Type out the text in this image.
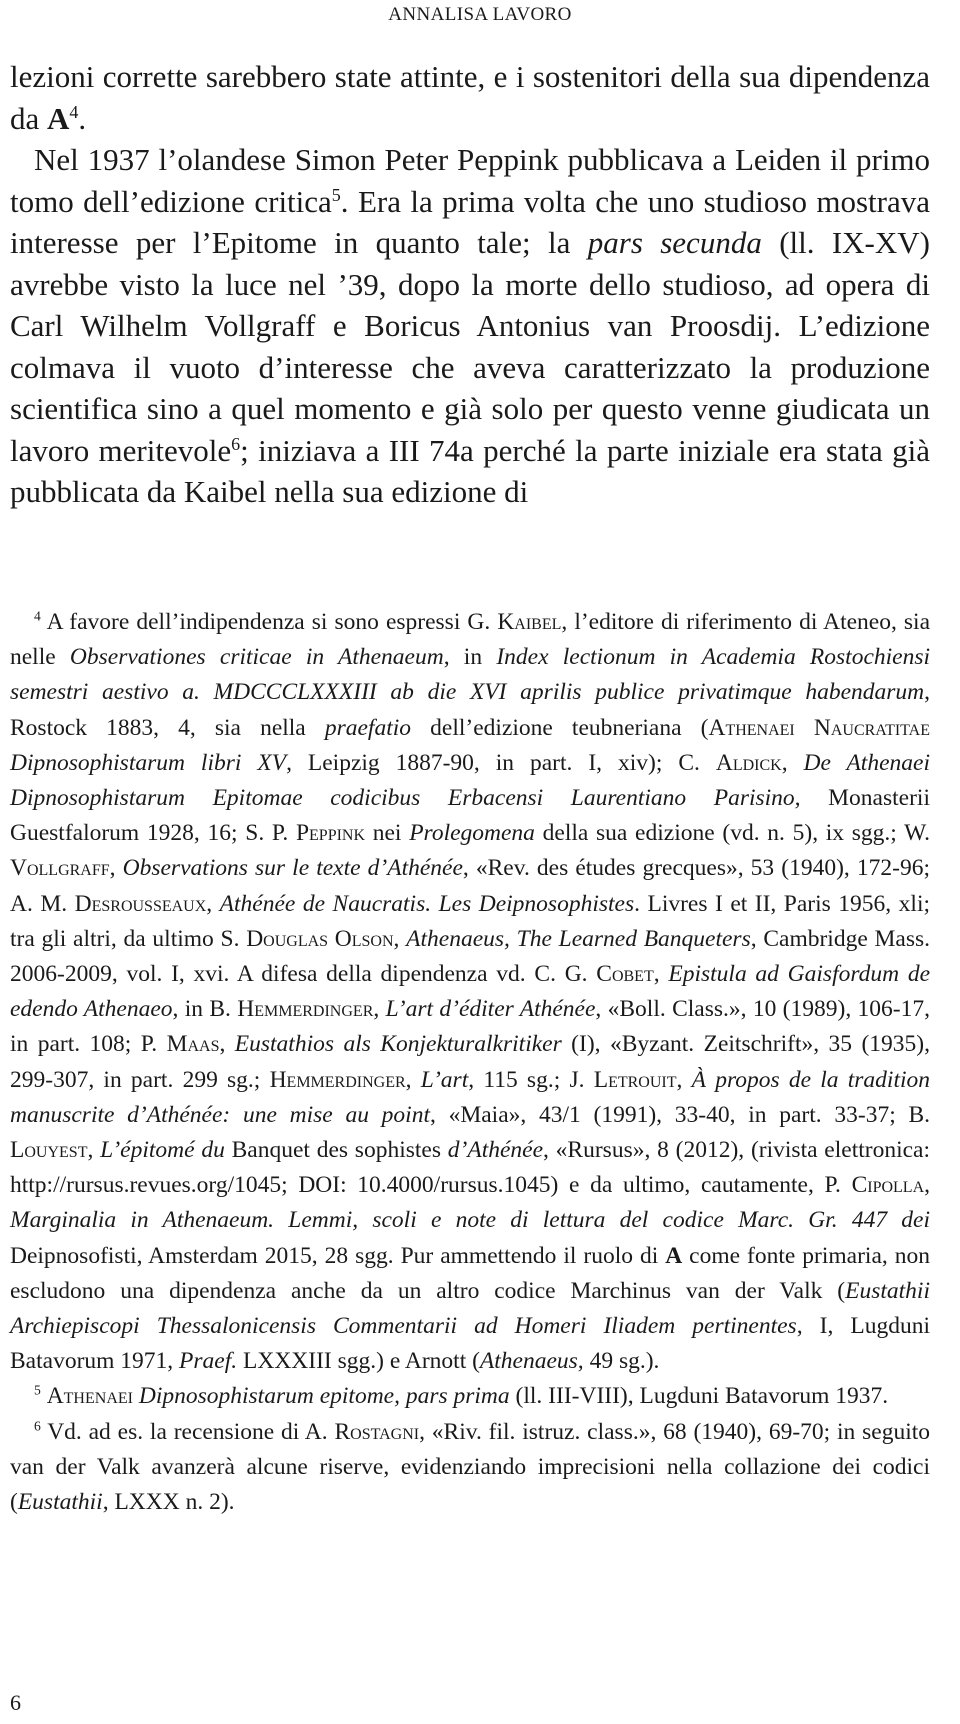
ANNALISA LAVORO

lezioni corrette sarebbero state attinte, e i sostenitori della sua dipendenza da $A^4$.

Nel 1937 l’olandese Simon Peter Peppink pubblicava a Leiden il primo tomo dell’edizione critica$^5$. Era la prima volta che uno studioso mostrava interesse per l’Epitome in quanto tale; la pars secunda (ll. IX-XV) avrebbe visto la luce nel ’39, dopo la morte dello studioso, ad opera di Carl Wilhelm Vollgraff e Boricus Antonius van Proosdij. L’edizione colmava il vuoto d’interesse che aveva caratterizzato la produzione scientifica sino a quel momento e già solo per questo venne giudicata un lavoro meritevole$^6$; iniziava a III 74a perché la parte iniziale era stata già pubblicata da Kaibel nella sua edizione di

$^4$ A favore dell’indipendenza si sono espressi G. Kaibel, l’editore di riferimento di Ateneo, sia nelle Observationes criticae in Athenaeum, in Index lectionum in Academia Rostochiensi semestri aestivo a. MDCCCLXXXIII ab die XVI aprilis publice privatimque habendarum, Rostock 1883, 4, sia nella praefatio dell’edizione teubneriana (Athenaei Naucratitae Dipnosophistarum libri XV, Leipzig 1887-90, in part. I, xiv); C. Aldick, De Athenaei Dipnosophistarum Epitomae codicibus Erbacensi Laurentiano Parisino, Monasterii Guestfalorum 1928, 16; S. P. Peppink nei Prolegomena della sua edizione (vd. n. 5), ix sgg.; W. Vollgraff, Observations sur le texte d’Athénée, «Rev. des études grecques», 53 (1940), 172-96; A. M. Desrousseaux, Athénée de Naucratis. Les Deipnosophistes. Livres I et II, Paris 1956, xli; tra gli altri, da ultimo S. Douglas Olson, Athenaeus, The Learned Banqueters, Cambridge Mass. 2006-2009, vol. I, xvi. A difesa della dipendenza vd. C. G. Cobet, Epistula ad Gaisfordum de edendo Athenaeo, in B. Hemmerdinger, L’art d’éditer Athénée, «Boll. Class.», 10 (1989), 106-17, in part. 108; P. Maas, Eustathios als Konjekturalkritiker (I), «Byzant. Zeitschrift», 35 (1935), 299-307, in part. 299 sg.; Hemmerdinger, L’art, 115 sg.; J. Letrouit, À propos de la tradition manuscrite d’Athénée: une mise au point, «Maia», 43/1 (1991), 33-40, in part. 33-37; B. Louyest, L’épitomé du Banquet des sophistes d’Athénée, «Rursus», 8 (2012), (rivista elettronica: http://rursus.revues.org/1045; DOI: 10.4000/rursus.1045) e da ultimo, cautamente, P. Cipolla, Marginalia in Athenaeum. Lemmi, scoli e note di lettura del codice Marc. Gr. 447 dei Deipnosofisti, Amsterdam 2015, 28 sgg. Pur ammettendo il ruolo di A come fonte primaria, non escludono una dipendenza anche da un altro codice Marchinus van der Valk (Eustathii Archiepiscopi Thessalonicensis Commentarii ad Homeri Iliadem pertinentes, I, Lugduni Batavorum 1971, Praef. LXXXIII sgg.) e Arnott (Athenaeus, 49 sg.).

$^5$ Athenaei Dipnosophistarum epitome, pars prima (ll. III-VIII), Lugduni Batavorum 1937.

$^6$ Vd. ad es. la recensione di A. Rostagni, «Riv. fil. istruz. class.», 68 (1940), 69-70; in seguito van der Valk avanzerà alcune riserve, evidenziando imprecisioni nella collazione dei codici (Eustathii, LXXX n. 2).

6
